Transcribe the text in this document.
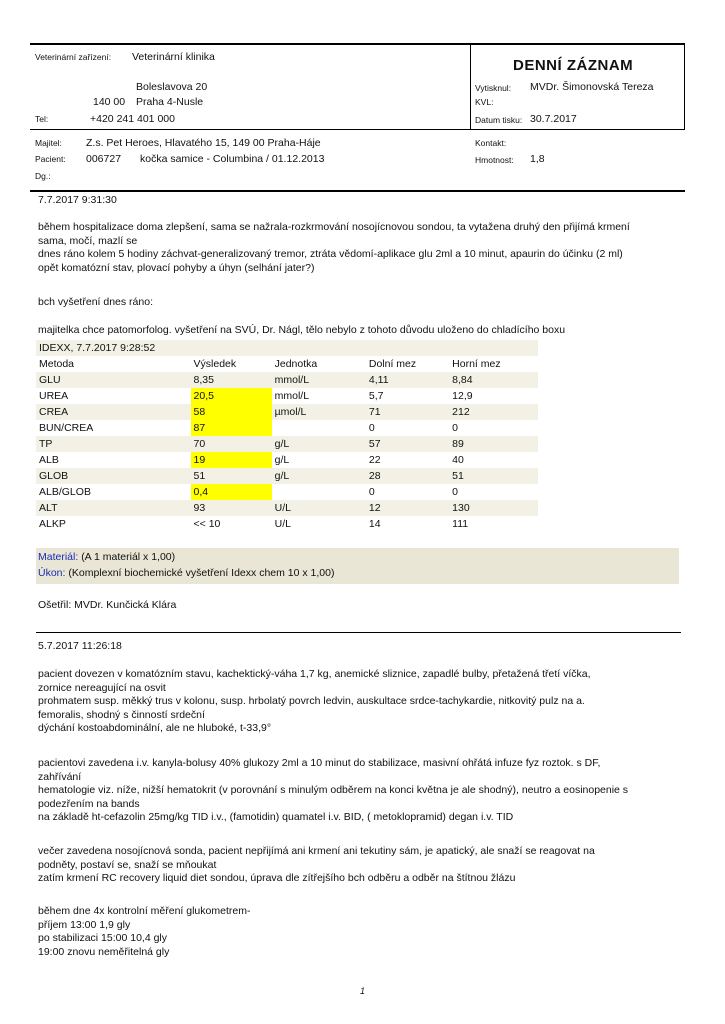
Veterinární zařízení: Veterinární klinika
Boleslavova 20
140 00 Praha 4-Nusle
Tel:	+420 241 401 000
DENNÍ ZÁZNAM
Vytisknul: MVDr. Šimonovská Tereza
KVL:
Datum tisku: 30.7.2017
Majitel: Z.s. Pet Heroes, Hlavatého 15, 149 00 Praha-Háje
Pacient: 006727 kočka samice - Columbina / 01.12.2013
Dg.:
Kontakt:
Hmotnost: 1,8
7.7.2017 9:31:30
během hospitalizace doma zlepšení, sama se nažrala-rozkrmování nosojícnovou sondou, ta vytažena druhý den přijímá krmení
sama, močí, mazlí se
dnes ráno kolem 5 hodiny záchvat-generalizovaný tremor, ztráta vědomí-aplikace glu 2ml a 10 minut, apaurin do účinku (2 ml)
opět komatózní stav, plovací pohyby a úhyn (selhání jater?)
bch vyšetření dnes ráno:
majitelka chce patomorfolog. vyšetření na SVÚ, Dr. Nágl, tělo nebylo z tohoto důvodu uloženo do chladícího boxu
IDEXX, 7.7.2017 9:28:52				
Metoda	Výsledek	Jednotka	Dolní mez	Horní mez
GLU	8,35	mmol/L	4,11	8,84
UREA	20,5	mmol/L	5,7	12,9
CREA	58	µmol/L	71	212
BUN/CREA	87		0	0
TP	70	g/L	57	89
ALB	19	g/L	22	40
GLOB	51	g/L	28	51
ALB/GLOB	0,4		0	0
ALT	93	U/L	12	130
ALKP	<< 10	U/L	14	111
Materiál: (A 1 materiál x 1,00)
Úkon: (Komplexní biochemické vyšetření Idexx chem 10 x 1,00)
Ošetřil: MVDr. Kunčická Klára
5.7.2017 11:26:18
pacient dovezen v komatózním stavu, kachektický-váha 1,7 kg, anemické sliznice, zapadlé bulby, přetažená třetí víčka,
zornice nereagující na osvit
prohmatem susp. měkký trus v kolonu, susp. hrbolatý povrch ledvin, auskultace srdce-tachykardie, nitkovitý pulz na a.
femoralis, shodný s činností srdeční
dýchání kostoabdominální, ale ne hluboké, t-33,9°
pacientovi zavedena i.v. kanyla-bolusy 40% glukozy 2ml a 10 minut do stabilizace, masivní ohřátá infuze fyz roztok. s DF,
zahřívání
hematologie viz. níže, nižší hematokrit (v porovnání s minulým odběrem na konci května je ale shodný), neutro a eosinopenie s
podezřením na bands
na základě ht-cefazolin 25mg/kg TID i.v., (famotidin) quamatel i.v. BID, ( metoklopramid) degan i.v. TID
večer zavedena nosojícnová sonda, pacient nepřijímá ani krmení ani tekutiny sám, je apatický, ale snaží se reagovat na
podněty, postaví se, snaží se mňoukat
zatím krmení RC recovery liquid diet sondou, úprava dle zítřejšího bch odběru a odběr na štítnou žlázu
během dne 4x kontrolní měření glukometrem-
příjem 13:00 1,9 gly
po stabilizaci 15:00 10,4 gly
19:00 znovu neměřitelná gly
1
